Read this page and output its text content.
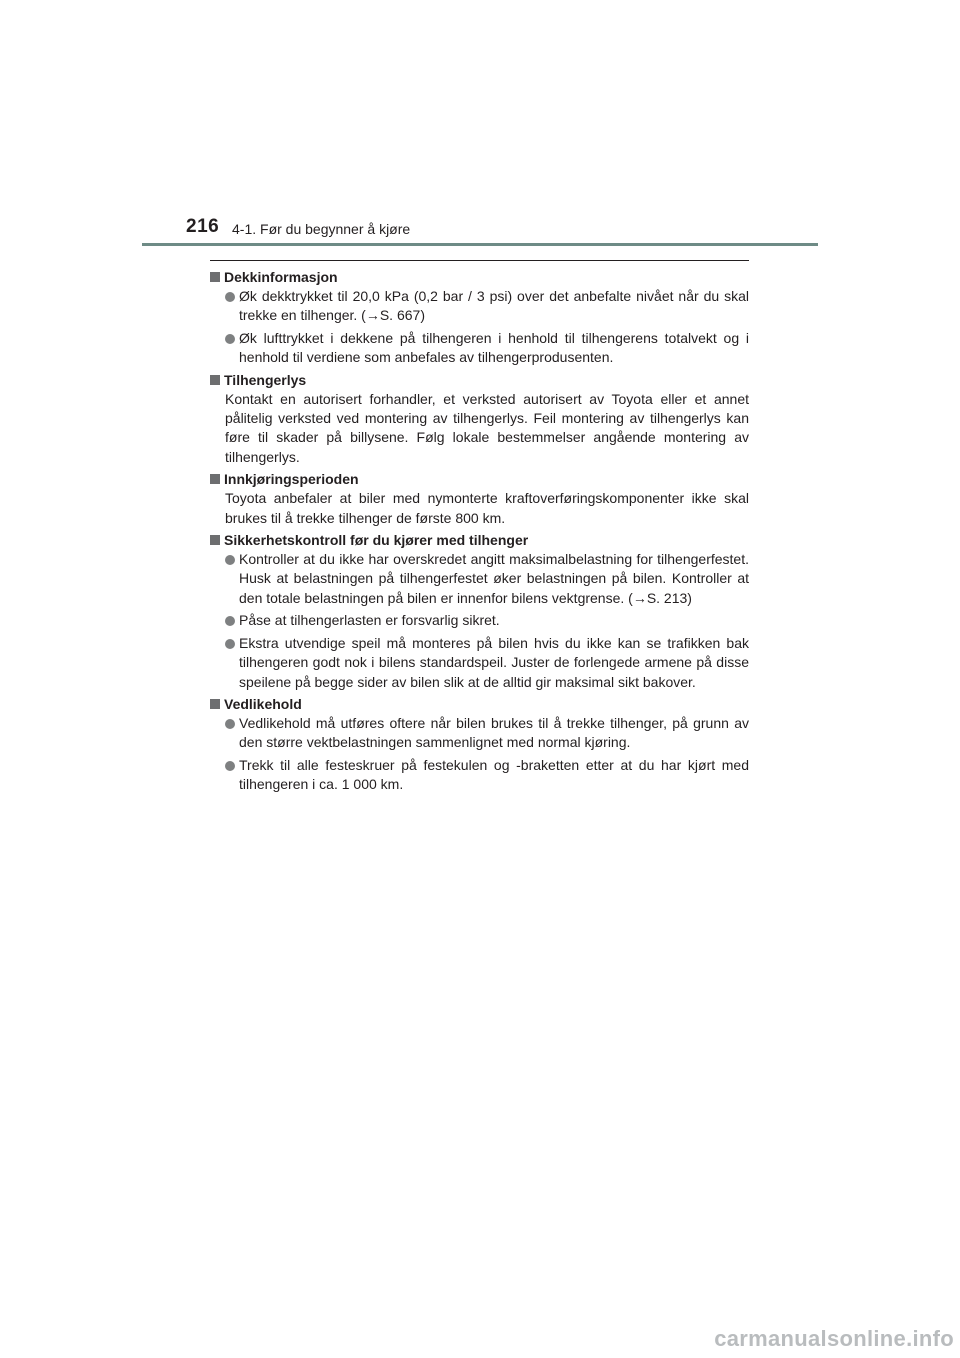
216 4-1. Før du begynner å kjøre
Dekkinformasjon
Øk dekktrykket til 20,0 kPa (0,2 bar / 3 psi) over det anbefalte nivået når du skal trekke en tilhenger. (→S. 667)
Øk lufttrykket i dekkene på tilhengeren i henhold til tilhengerens totalvekt og i henhold til verdiene som anbefales av tilhengerprodusenten.
Tilhengerlys
Kontakt en autorisert forhandler, et verksted autorisert av Toyota eller et annet pålitelig verksted ved montering av tilhengerlys. Feil montering av tilhengerlys kan føre til skader på billysene. Følg lokale bestemmelser angående montering av tilhengerlys.
Innkjøringsperioden
Toyota anbefaler at biler med nymonterte kraftoverføringskomponenter ikke skal brukes til å trekke tilhenger de første 800 km.
Sikkerhetskontroll før du kjører med tilhenger
Kontroller at du ikke har overskredet angitt maksimalbelastning for tilhengerfestet. Husk at belastningen på tilhengerfestet øker belastningen på bilen. Kontroller at den totale belastningen på bilen er innenfor bilens vektgrense. (→S. 213)
Påse at tilhengerlasten er forsvarlig sikret.
Ekstra utvendige speil må monteres på bilen hvis du ikke kan se trafikken bak tilhengeren godt nok i bilens standardspeil. Juster de forlengede armene på disse speilene på begge sider av bilen slik at de alltid gir maksimal sikt bakover.
Vedlikehold
Vedlikehold må utføres oftere når bilen brukes til å trekke tilhenger, på grunn av den større vektbelastningen sammenlignet med normal kjøring.
Trekk til alle festeskruer på festekulen og -braketten etter at du har kjørt med tilhengeren i ca. 1 000 km.
carmanualsonline.info
